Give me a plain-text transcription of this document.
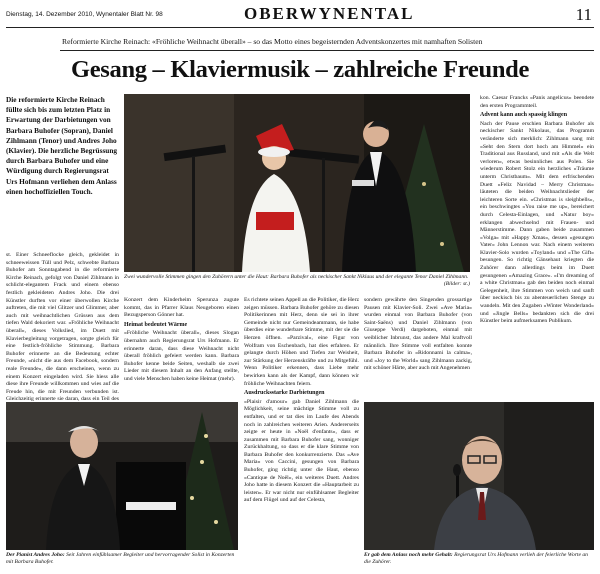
Dienstag, 14. Dezember 2010, Wynentaler Blatt Nr. 98	OBERWYNENTAL	11
Reformierte Kirche Reinach: «Fröhliche Weihnacht überall» – so das Motto eines begeisternden Adventskonzertes mit namhaften Solisten
Gesang – Klaviermusik – zahlreiche Freunde
Die reformierte Kirche Reinach füllte sich bis zum letzten Platz in Erwartung der Darbietungen von Barbara Buhofer (Sopran), Daniel Zihlmann (Tenor) und Andres Joho (Klavier). Die herzliche Begrüssung durch Barbara Buhofer und eine Würdigung durch Regierungsrat Urs Hofmann verliehen dem Anlass einen hochoffiziellen Touch.

st. Einer Schneeflocke gleich, gekleidet in schneeweissen Tüll und Pelz, schwebte Barbara Buhofer am Sonntagabend in die reformierte Kirche Reinach, gefolgt von Daniel Zihlmann in schlicht-elegantem Frack und einem ebenso festlich gekleideten Andres Joho. Die drei Künstler durften vor einer überwollen Kirche auftreten, die mit viel Glitzer und Glimmer, aber auch mit weihnachtlichen Grüssen aus dem tiefen Wald dekoriert war. «Fröhliche Weihnacht überall», dieses Volkslied, im Duett mit Klavierbegleitung vorgetragen, sorgte gleich für eine festlich-fröhliche Stimmung. Barbara Buhofer erinnerte an die Bedeutung echter Freunde, «nicht die aus dem Facebook, sondern reale Freunde», die dann erscheinen, wenn zu einem Konzert eingeladen wird. Sie hiess alle diese ihre Freunde willkommen und wies auf die Freude hin, die mit Freunden verbunden ist. Gleichzeitig erinnerte sie daran, dass ein Teil des

Zwei wundervolle Stimmen gingen den Zuhörern unter die Haut: Barbara Buhofer als neckischer Sankt Niklaus und der elegante Tenor Daniel Zihlmann.
(Bilder: st.)

Konzert dem Kinderheim Sperunza zugute kommt, das in Pfarrer Klaus Neugeboren einen Bezugsperson Gönner hat.

Heimat bedeutet Wärme

«Fröhliche Weihnacht überall», dieses Slogan übernahm auch Regierungsrat Urs Hofmann. Er erinnerte daran, dass diese Weihnacht nicht überall fröhlich gefeiert werden kann. Barbara Buhofer kenne beide Seiten, weshalb sie zwei Lieder mit diesem Inhalt an den Anfang stellte, und viele Menschen haben keine Heimat (mehr).

Es richtete seinen Appell an die Politiker, die Herz zeigen müssen. Barbara Buhofer gehöre zu diesen Politikerinnen mit Herz, denn sie sei in ihrer Gemeinde nicht nur Gemeindeammann, sie habe überdies eine wunderbare Stimme, mit der sie die Herzen öffnen. «Parzival», eine Figur von Wolfram von Eschenbach, hat dies erfahren. Er gelangte durch Höhen und Tiefen zur Weisheit, zur Stärkung der Herzenskräfte und zu Mitgefühl. Wenn Politiker erkennen, dass Liebe mehr bewirken kann als der Kampf, dann können wir fröhliche Weihnachten feiern.

Ausdrucksstarke Darbietungen

«Plaisir d'amour» gab Daniel Zihlmann die Möglichkeit, seine mächtige Stimme voll zu entfalten, und er tat dies im Laufe des Abends noch in zahlreichen weiteren Arien. Andererseits zeigte er heute in «Noël d'enfants», dass er zusammen mit Barbara Buhofer sang, wonniger Zurückhaltung, so dass er die klare Stimme von Barbara Buhofer den konkurrenzierte. Das «Ave Maria» von Caccini, gesungen von Barbara Buhofer, ging richtig unter die Haut, ebenso «Cantique de Noël», ein weiteres Duett. Andres Joho hatte in diesem Konzert die «Hauptarbeit zu leisten». Er war nicht nur einfühlsamer Begleiter auf dem Flügel und auf der Celesta,

sondern gewährte den Singenden grossartige Pausen mit Klavier-Soli. Zwei «Ave Maria» wurden einmal von Barbara Buhofer (von Saint-Saëns) und Daniel Zihlmann (von Giuseppe Verdi) dargeboten, einmal mit weiblicher Inbrunst, das andere Mal kraftvoll männlich. Ihre Stimme voll entfalten konnte Barbara Buhofer in «Ridonnami la calma», und «Joy to the World» sang Zihlmann zackig, mit schöner Härte, aber auch mit Angenehmen

kon. Caesar Francks «Panis angelicus» beendete den ersten Programmteil.

Advent kann auch spassig klingen

Nach der Pause erschien Barbara Buhofer als neckischer Sankt Nikolaus, das Programm veränderte sich merklich: Zihlmann sang mit «Seht den Stern dort hoch am Himmel» ein Traditional aus Russland, und mit «Als die Welt verloren», etwas besinnliches aus Polen. Sie wiederum Robert Stolz ein herzliches «Träume unterm Christbaum». Mit dem erfrischenden Duett «Feliz Navidad – Merry Christmas» läuteten die beiden Weihnachtslieder der leichteren Sorte ein. «Christmas is sleighbells», ein beschwingtes «You raise me up», bereichert durch Celesta-Einlagen, und «Natur boy» erklangen abwechselnd mit Frauen- und Männerstimme. Dann gaben beide zusammen «Volga» mit «Happy Xmas», dessen «gesungen Vater» John Lennon war. Nach einem weiteren Klavier-Solo wurden «Toyland» und «The Gift» besungen. So richtig Gänsehaut kriegten die Zuhörer dann allerdings beim im Duett gesungenen «Amazing Grace». «I'm dreaming of a white Christmas» gab den beiden noch einmal Gelegenheit, ihre Stimmen von weich und sanft über neckisch bis zu abenteuerlichen Stenge zu wandeln. Mit den Zugaben «Winter Wonderland» und «Jingle Bells» bedankten sich die drei Künstler beim aufmerksamen Publikum.

Der Pianist Andres Joho: Seit Jahren einfühlsamer Begleiter und hervorragender Solist in Konzerten mit Barbara Buhofer.
Er gab dem Anlass noch mehr Gehalt: Regierungsrat Urs Hofmann verlieh der feierliche Worte an die Zuhörer.
